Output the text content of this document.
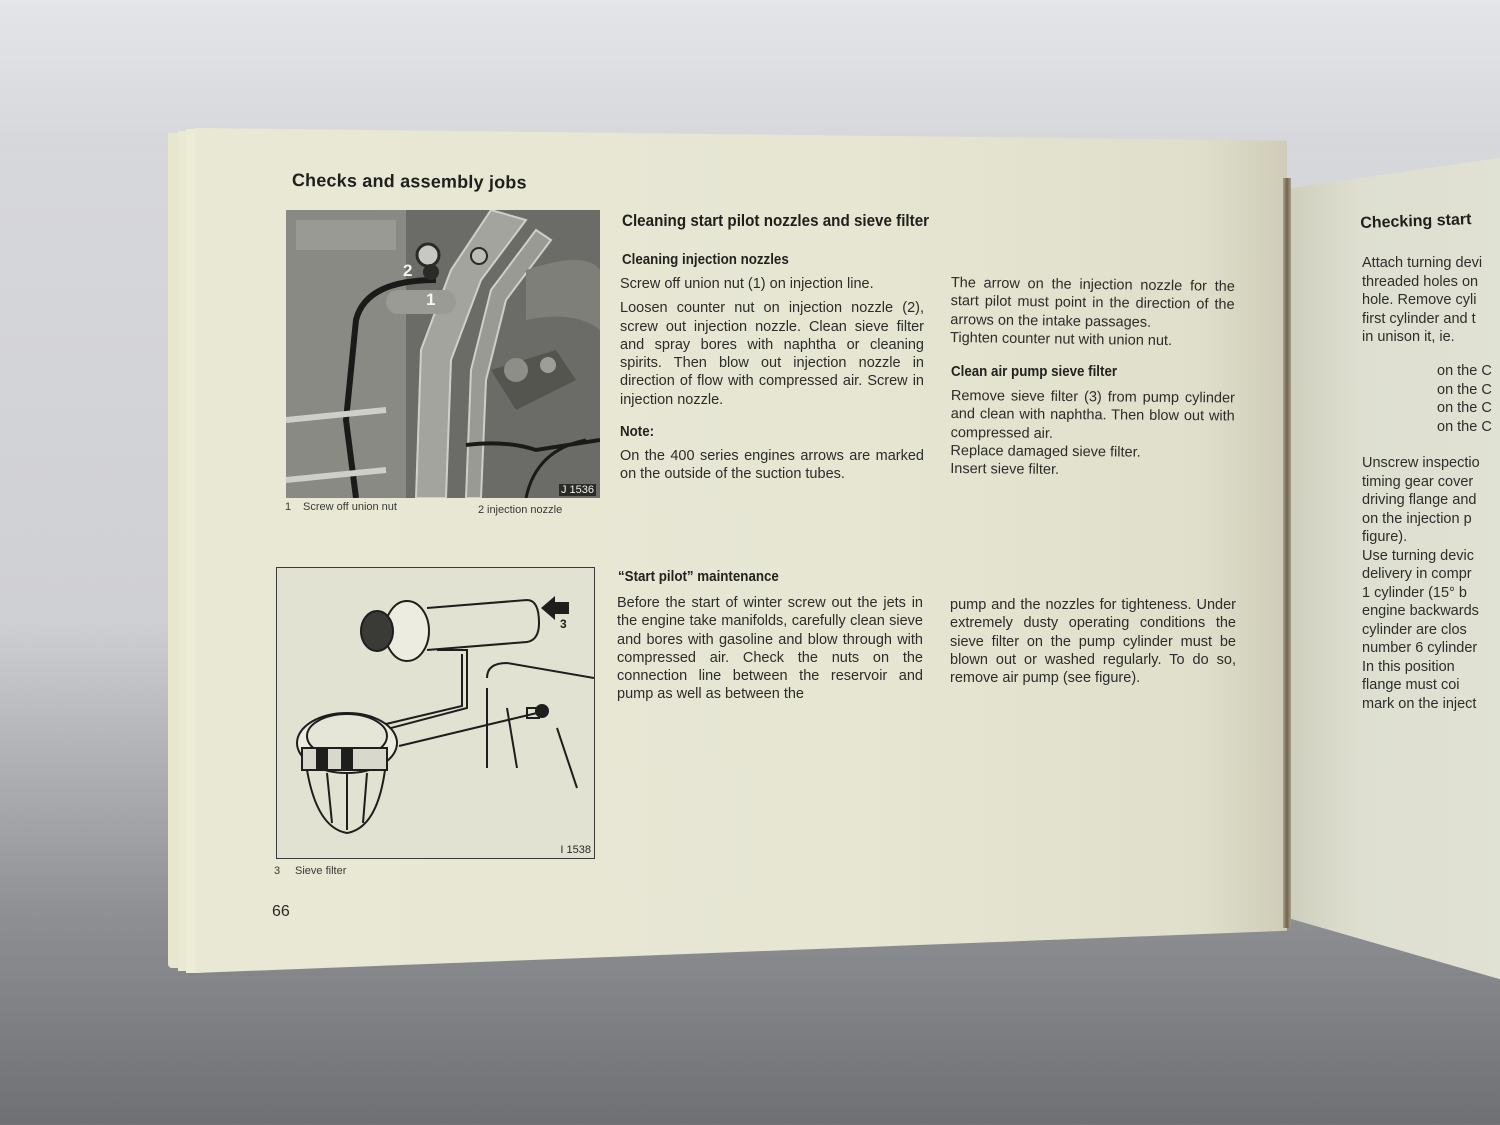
Checks and assembly jobs
2
1
J 1536
1 Screw off union nut	2 injection nozzle
Cleaning start pilot nozzles and sieve filter
Cleaning injection nozzles

Screw off union nut (1) on injection line.

Loosen counter nut on injection nozzle (2), screw out injection nozzle. Clean sieve filter and spray bores with naphtha or cleaning spirits. Then blow out injection nozzle in direction of flow with compressed air. Screw in injection nozzle.

Note:
On the 400 series engines arrows are marked on the outside of the suction tubes.

The arrow on the injection nozzle for the start pilot must point in the direction of the arrows on the intake passages.

Tighten counter nut with union nut.

Clean air pump sieve filter

Remove sieve filter (3) from pump cylinder and clean with naphtha. Then blow out with compressed air.

Replace damaged sieve filter.

Insert sieve filter.

3
I 1538
3 Sieve filter
“Start pilot” maintenance
Before the start of winter screw out the jets in the engine take manifolds, carefully clean sieve and bores with gasoline and blow through with compressed air. Check the nuts on the connection line between the reservoir and pump as well as between the
pump and the nozzles for tighteness. Under extremely dusty operating conditions the sieve filter on the pump cylinder must be blown out or washed regularly. To do so, remove air pump (see figure).
66
Checking start
Attach turning devi
threaded holes on
hole. Remove cyli
first cylinder and t
in unison it, ie.
on the C
on the C
on the C
on the C
Unscrew inspectio
timing gear cover
driving flange and
on the injection p
figure).
Use turning devic
delivery in compr
1 cylinder (15° b
engine backwards
cylinder are clos
number 6 cylinder
In this position
flange must coi
mark on the inject
